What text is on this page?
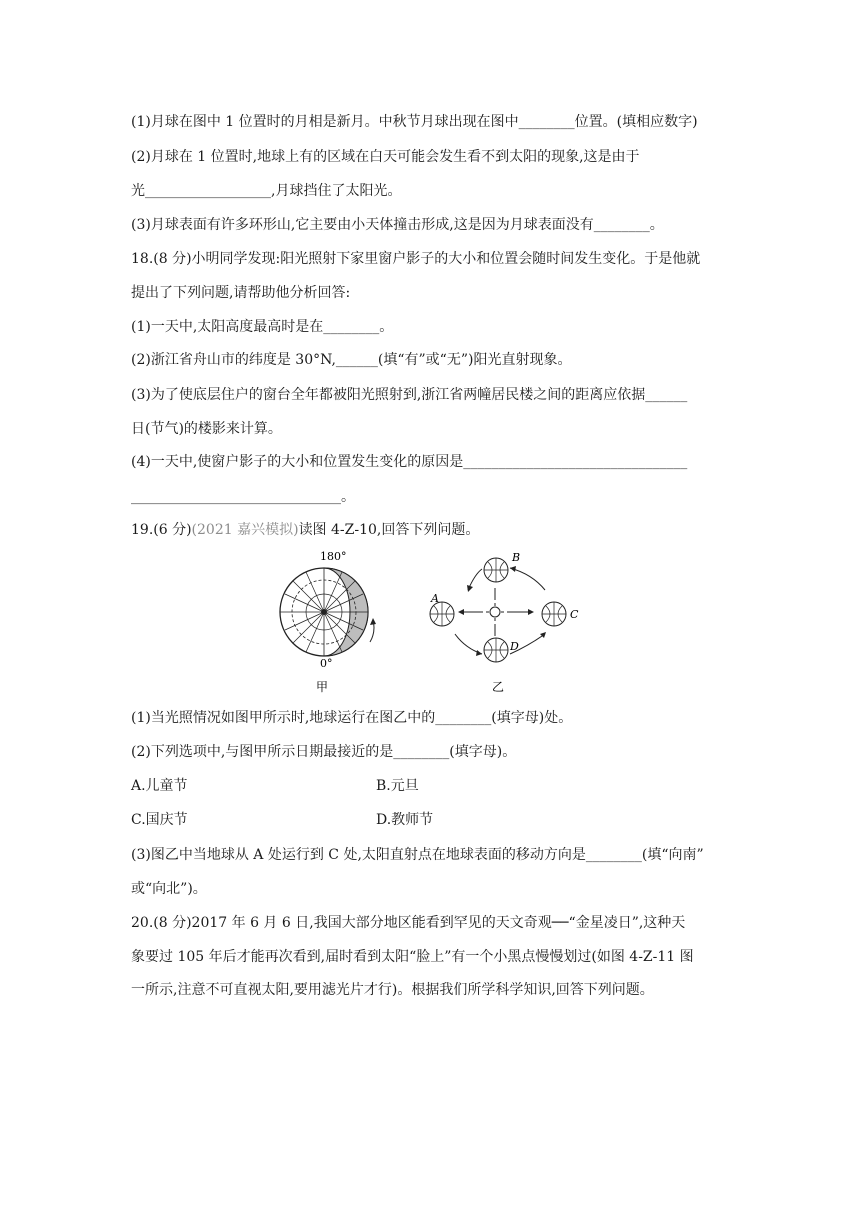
(1)月球在图中 1 位置时的月相是新月。中秋节月球出现在图中________位置。(填相应数字)
(2)月球在 1 位置时,地球上有的区域在白天可能会发生看不到太阳的现象,这是由于
光__________________,月球挡住了太阳光。
(3)月球表面有许多环形山,它主要由小天体撞击形成,这是因为月球表面没有________。
18.(8 分)小明同学发现:阳光照射下家里窗户影子的大小和位置会随时间发生变化。于是他就
提出了下列问题,请帮助他分析回答:
(1)一天中,太阳高度最高时是在________。
(2)浙江省舟山市的纬度是 30°N,______(填“有”或“无”)阳光直射现象。
(3)为了使底层住户的窗台全年都被阳光照射到,浙江省两幢居民楼之间的距离应依据______
日(节气)的楼影来计算。
(4)一天中,使窗户影子的大小和位置发生变化的原因是________________________________
______________________________。
19.(6 分)(2021 嘉兴模拟)读图 4-Z-10,回答下列问题。
180°
0°
甲
B
A
C
D
乙
(1)当光照情况如图甲所示时,地球运行在图乙中的________(填字母)处。
(2)下列选项中,与图甲所示日期最接近的是________(填字母)。
A.儿童节	B.元旦
C.国庆节	D.教师节
(3)图乙中当地球从 A 处运行到 C 处,太阳直射点在地球表面的移动方向是________(填“向南”
或“向北”)。
20.(8 分)2017 年 6 月 6 日,我国大部分地区能看到罕见的天文奇观──“金星凌日”,这种天
象要过 105 年后才能再次看到,届时看到太阳“脸上”有一个小黑点慢慢划过(如图 4-Z-11 图
一所示,注意不可直视太阳,要用滤光片才行)。根据我们所学科学知识,回答下列问题。
